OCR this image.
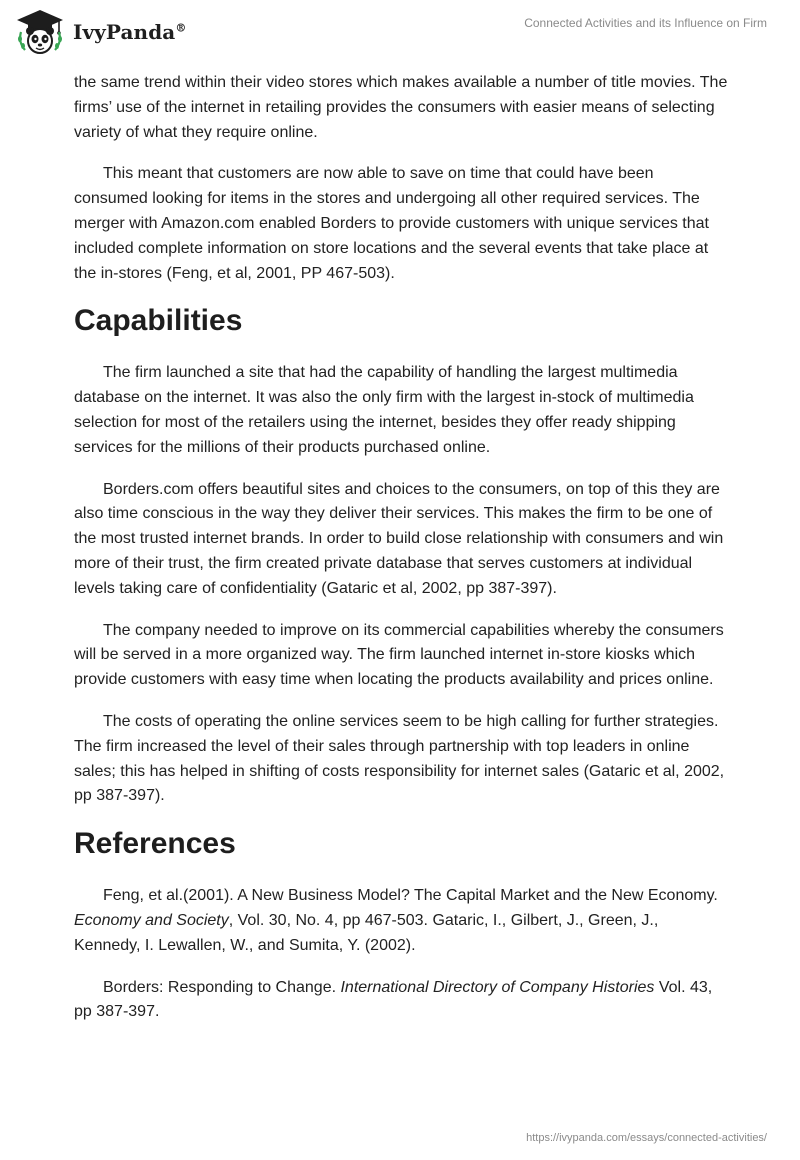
IvyPanda®	Connected Activities and its Influence on Firm

the same trend within their video stores which makes available a number of title movies. The firms’ use of the internet in retailing provides the consumers with easier means of selecting variety of what they require online.

This meant that customers are now able to save on time that could have been consumed looking for items in the stores and undergoing all other required services. The merger with Amazon.com enabled Borders to provide customers with unique services that included complete information on store locations and the several events that take place at the in-stores (Feng, et al, 2001, PP 467-503).

Capabilities

The firm launched a site that had the capability of handling the largest multimedia database on the internet. It was also the only firm with the largest in-stock of multimedia selection for most of the retailers using the internet, besides they offer ready shipping services for the millions of their products purchased online.

Borders.com offers beautiful sites and choices to the consumers, on top of this they are also time conscious in the way they deliver their services. This makes the firm to be one of the most trusted internet brands. In order to build close relationship with consumers and win more of their trust, the firm created private database that serves customers at individual levels taking care of confidentiality (Gataric et al, 2002, pp 387-397).

The company needed to improve on its commercial capabilities whereby the consumers will be served in a more organized way. The firm launched internet in-store kiosks which provide customers with easy time when locating the products availability and prices online.

The costs of operating the online services seem to be high calling for further strategies. The firm increased the level of their sales through partnership with top leaders in online sales; this has helped in shifting of costs responsibility for internet sales (Gataric et al, 2002, pp 387-397).

References

Feng, et al.(2001). A New Business Model? The Capital Market and the New Economy. Economy and Society, Vol. 30, No. 4, pp 467-503. Gataric, I., Gilbert, J., Green, J., Kennedy, I. Lewallen, W., and Sumita, Y. (2002).

Borders: Responding to Change. International Directory of Company Histories Vol. 43, pp 387-397.

https://ivypanda.com/essays/connected-activities/
